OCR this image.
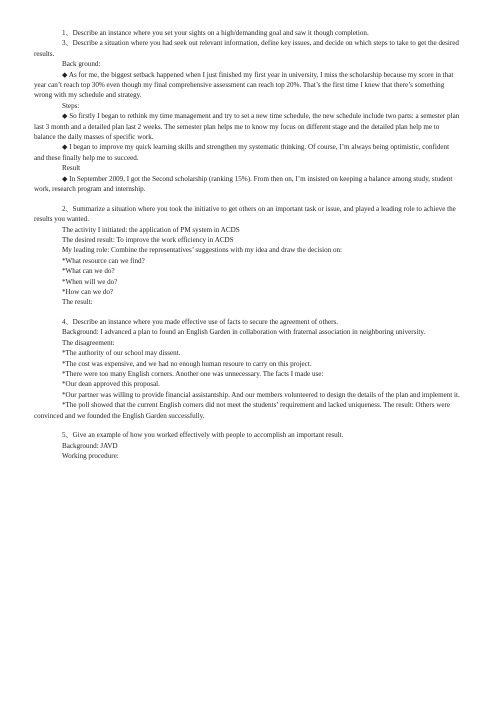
1、Describe an instance where you set your sights on a high/demanding goal and saw it though completion.

3、Describe a situation where you had seek out relevant information, define key issues, and decide on which steps to take to get the desired results.

Back ground:

◆ As for me, the biggest setback happened when I just finished my first year in university, I miss the scholarship because my score in that year can’t reach top 30% even though my final comprehensive assessment can reach top 20%. That’s the first time I knew that there’s something wrong with my schedule and strategy.

Steps:

◆ So firstly I began to rethink my time management and try to set a new time schedule, the new schedule include two parts: a semester plan last 3 month and a detailed plan last 2 weeks. The semester plan helps me to know my focus on different stage and the detailed plan help me to balance the daily masses of specific work.

◆ I began to improve my quick learning skills and strengthen my systematic thinking. Of course, I’m always being optimistic, confident and these finally help me to succeed.

Result

◆ In September 2009, I got the Second scholarship (ranking 15%). From then on, I’m insisted on keeping a balance among study, student work, research program and internship.

2、Summarize a situation where you took the initiative to get others on an important task or issue, and played a leading role to achieve the results you wanted.

The activity I initiated: the application of PM system in ACDS

The desired result: To improve the work efficiency in ACDS

My leading role: Combine the representatives’ suggestions with my idea and draw the decision on:

*What resource can we find?

*What can we do?

*When will we do?

*How can we do?

The result:

4、Describe an instance where you made effective use of facts to secure the agreement of others.

Background: I advanced a plan to found an English Garden in collaboration with fraternal association in neighboring university.

The disagreement:

*The authority of our school may dissent.

*The cost was expensive, and we had no enough human resoure to carry on this project.

*There were too many English corners. Another one was unnecessary. The facts I made use:

*Our dean approved this proposal.

*Our partner was willing to provide financial assistantship. And our members volunteered to design the details of the plan and implement it.

*The poll showed that the current English corners did not meet the students’ requirement and lacked uniqueness. The result: Others were convinced and we founded the English Garden successfully.

5、Give an example of how you worked effectively with people to accomplish an important result.

Background: JAVD

Working procedure:
